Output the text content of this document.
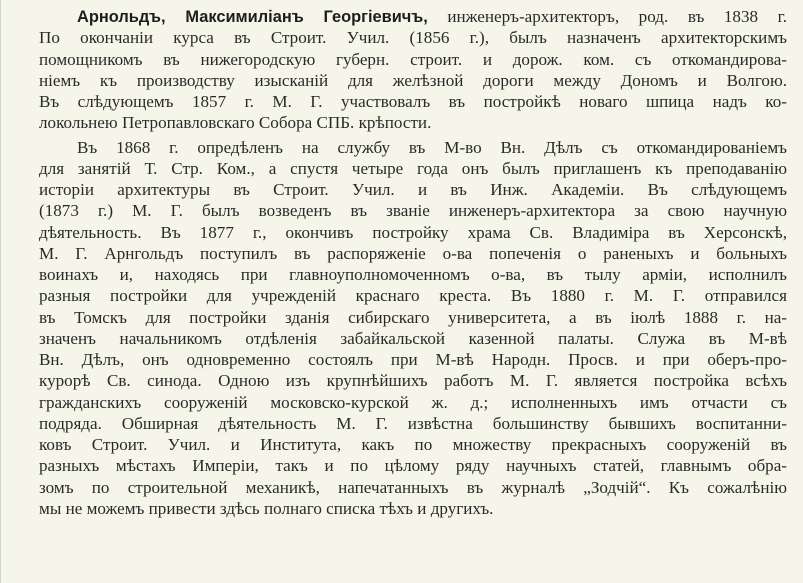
Арнольдъ, Максимиліанъ Георгіевичъ, инженеръ-архитекторъ, род. въ 1838 г.
По окончаніи курса въ Строит. Учил. (1856 г.), былъ назначенъ архитекторскимъ
помощникомъ въ нижегородскую губерн. строит. и дорож. ком. съ откомандирова-
ніемъ къ производству изысканій для желѣзной дороги между Дономъ и Волгою.
Въ слѣдующемъ 1857 г. М. Г. участвовалъ въ постройкѣ новаго шпица надъ ко-
локольнею Петропавловскаго Собора СПБ. крѣпости.
Въ 1868 г. опредѣленъ на службу въ М-во Вн. Дѣлъ съ откомандированіемъ
для занятій Т. Стр. Ком., а спустя четыре года онъ былъ приглашенъ къ преподаванію
исторіи архитектуры въ Строит. Учил. и въ Инж. Академіи. Въ слѣдующемъ
(1873 г.) М. Г. былъ возведенъ въ званіе инженеръ-архитектора за свою научную
дѣятельность. Въ 1877 г., окончивъ постройку храма Св. Владиміра въ Херсонскѣ,
М. Г. Арнгольдъ поступилъ въ распоряженіе о-ва попеченія о раненыхъ и больныхъ
воинахъ и, находясь при главноуполномоченномъ о-ва, въ тылу арміи, исполнилъ
разныя постройки для учрежденій краснаго креста. Въ 1880 г. М. Г. отправился
въ Томскъ для постройки зданія сибирскаго университета, а въ іюлѣ 1888 г. на-
значенъ начальникомъ отдѣленія забайкальской казенной палаты. Служа въ М-вѣ
Вн. Дѣлъ, онъ одновременно состоялъ при М-вѣ Народн. Просв. и при оберъ-про-
курорѣ Св. синода. Одною изъ крупнѣйшихъ работъ М. Г. является постройка всѣхъ
гражданскихъ сооруженій московско-курской ж. д.; исполненныхъ имъ отчасти съ
подряда. Обширная дѣятельность М. Г. извѣстна большинству бывшихъ воспитанни-
ковъ Строит. Учил. и Института, какъ по множеству прекрасныхъ сооруженій въ
разныхъ мѣстахъ Имперіи, такъ и по цѣлому ряду научныхъ статей, главнымъ обра-
зомъ по строительной механикѣ, напечатанныхъ въ журналѣ „Зодчій“. Къ сожалѣнію
мы не можемъ привести здѣсь полнаго списка тѣхъ и другихъ.
